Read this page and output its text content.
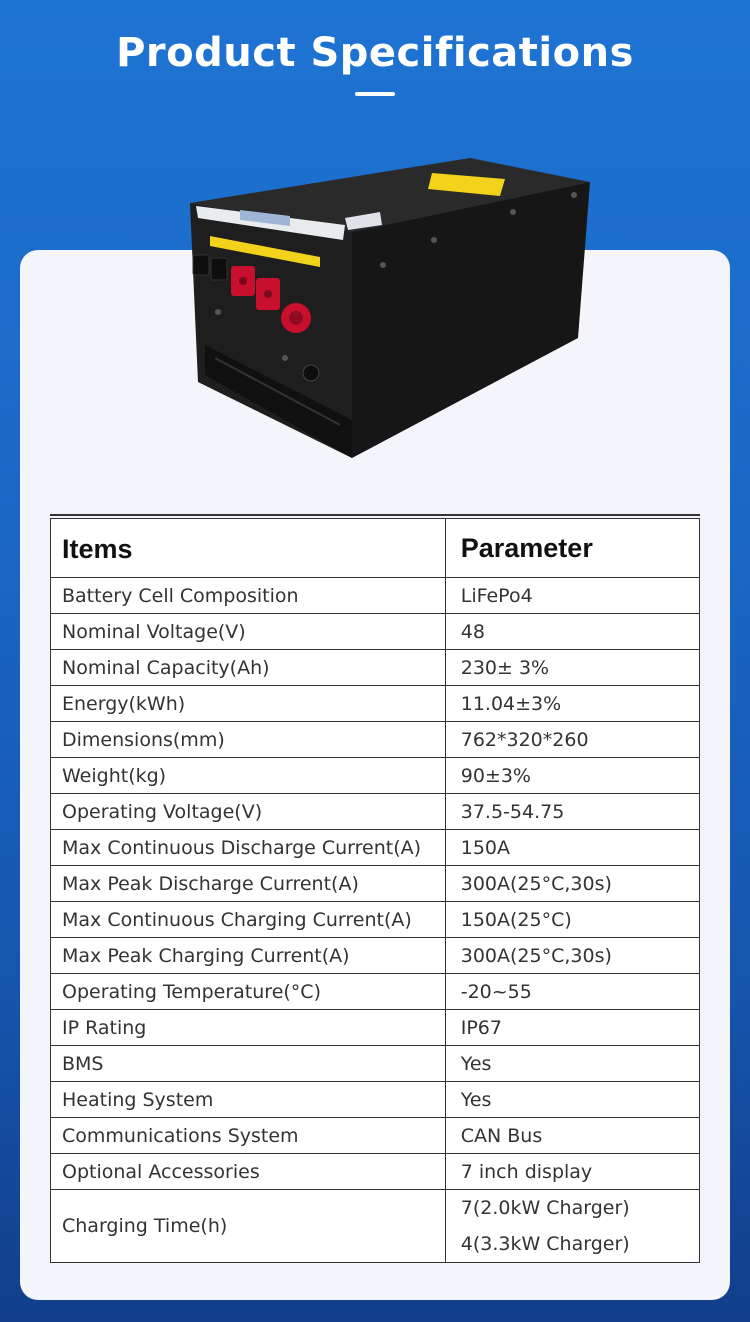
Product Specifications
Items	Parameter
Battery Cell Composition	LiFePo4
Nominal Voltage(V)	48
Nominal Capacity(Ah)	230± 3%
Energy(kWh)	11.04±3%
Dimensions(mm)	762*320*260
Weight(kg)	90±3%
Operating Voltage(V)	37.5-54.75
Max Continuous Discharge Current(A)	150A
Max Peak Discharge Current(A)	300A(25°C,30s)
Max Continuous Charging Current(A)	150A(25°C)
Max Peak Charging Current(A)	300A(25°C,30s)
Operating Temperature(°C)	-20~55
IP Rating	IP67
BMS	Yes
Heating System	Yes
Communications System	CAN Bus
Optional Accessories	7 inch display
Charging Time(h)	7(2.0kW Charger)
4(3.3kW Charger)
